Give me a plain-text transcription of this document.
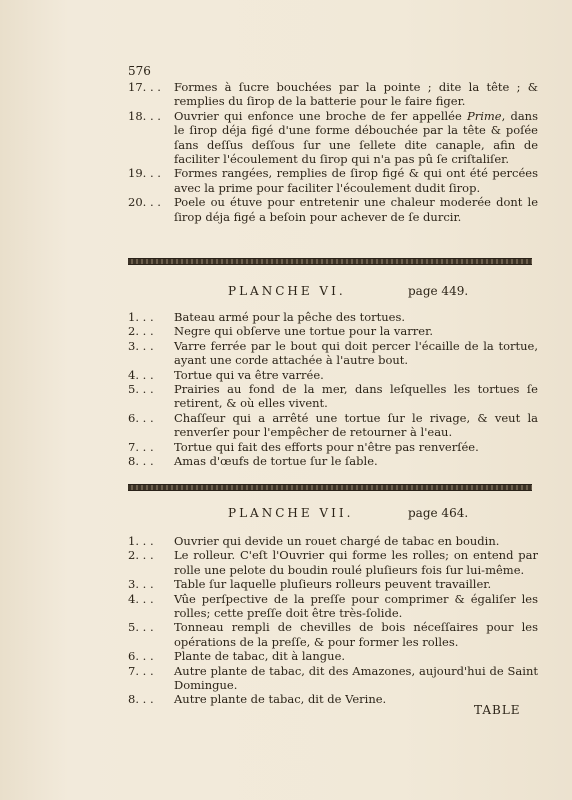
576
17. . .	Formes à ſucre bouchées par la pointe ; dite la tête ; & remplies du ſirop de la batterie pour le faire figer.
18. . .	Ouvrier qui enfonce une broche de fer appellée Prime, dans le ſirop déja figé d'une forme débouchée par la tête & poſée ſans deſſus deſſous ſur une ſellete dite canaple, afin de faciliter l'écoulement du ſirop qui n'a pas pû ſe criſtaliſer.
19. . .	Formes rangées, remplies de ſirop figé & qui ont été percées avec la prime pour faciliter l'écoulement dudit ſirop.
20. . .	Poele ou étuve pour entretenir une chaleur moderée dont le ſirop déja figé a beſoin pour achever de ſe durcir.
PLANCHE VI.	page 449.
1. . .	Bateau armé pour la pêche des tortues.
2. . .	Negre qui obſerve une tortue pour la varrer.
3. . .	Varre ferrée par le bout qui doit percer l'écaille de la tortue, ayant une corde attachée à l'autre bout.
4. . .	Tortue qui va être varrée.
5. . .	Prairies au fond de la mer, dans leſquelles les tortues ſe retirent, & où elles vivent.
6. . .	Chaſſeur qui a arrêté une tortue ſur le rivage, & veut la renverſer pour l'empêcher de retourner à l'eau.
7. . .	Tortue qui fait des efforts pour n'être pas renverſée.
8. . .	Amas d'œufs de tortue ſur le ſable.
PLANCHE VII.	page 464.
1. . .	Ouvrier qui devide un rouet chargé de tabac en boudin.
2. . .	Le rolleur. C'eſt l'Ouvrier qui forme les rolles; on entend par rolle une pelote du boudin roulé pluſieurs fois ſur lui-même.
3. . .	Table ſur laquelle pluſieurs rolleurs peuvent travailler.
4. . .	Vûe perſpective de la preſſe pour comprimer & égaliſer les rolles; cette preſſe doit être très-ſolide.
5. . .	Tonneau rempli de chevilles de bois néceſſaires pour les opérations de la preſſe, & pour former les rolles.
6. . .	Plante de tabac, dit à langue.
7. . .	Autre plante de tabac, dit des Amazones, aujourd'hui de Saint Domingue.
8. . .	Autre plante de tabac, dit de Verine.
TABLE
